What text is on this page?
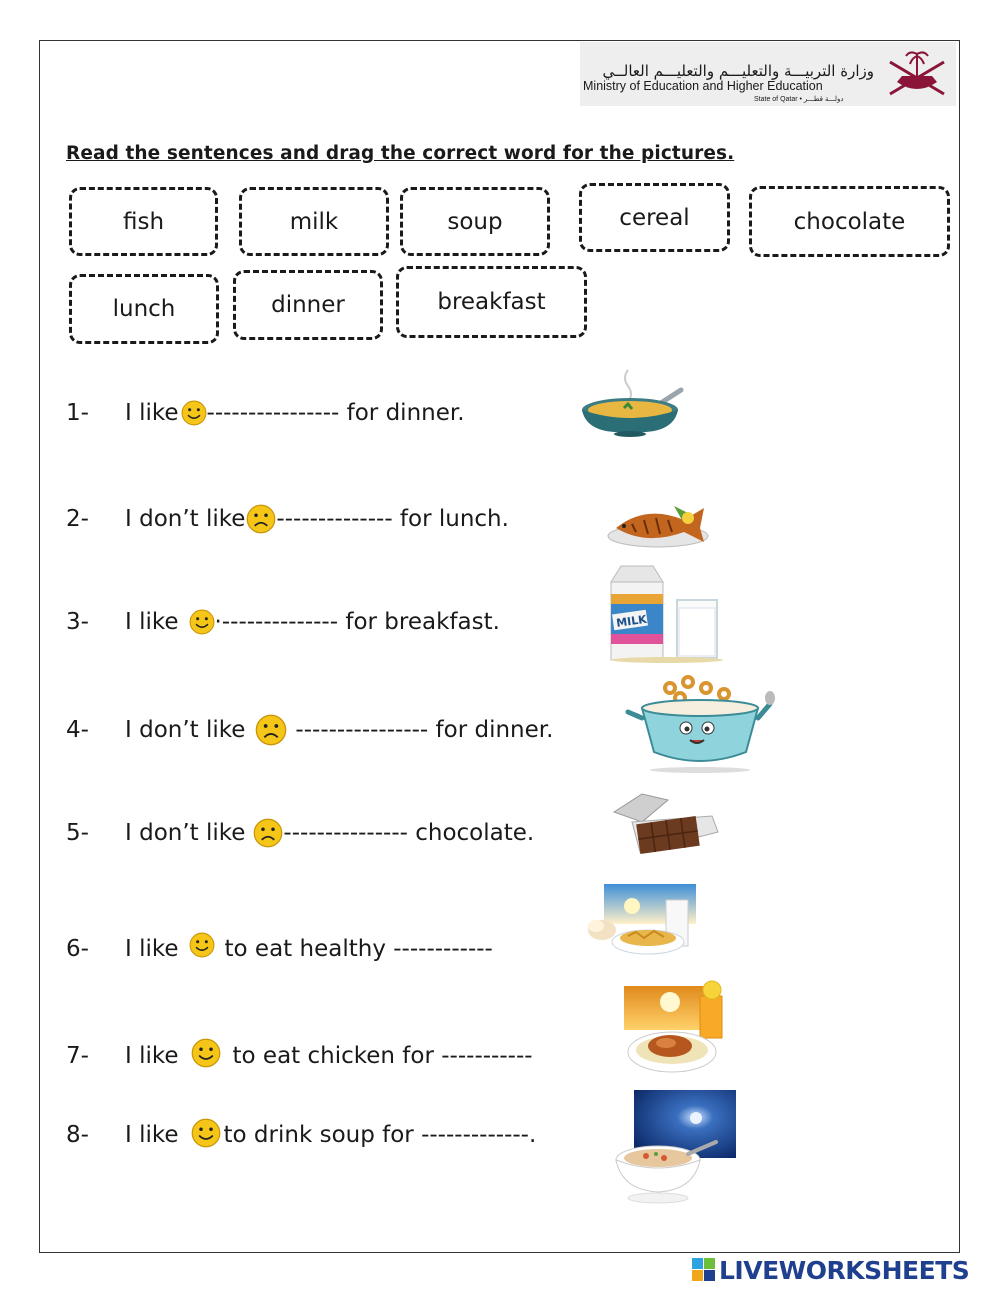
وزارة التربيـــة والتعليـــم والتعليـــم العالــي
Ministry of Education and Higher Education
State of Qatar • دولـــة قطـــر
Read the sentences and drag the correct word for the pictures.
fish	milk	soup	cereal	chocolate
lunch	dinner	breakfast
1-	I like ---------------- for dinner.
2-	I don’t like -------------- for lunch.
3-	I like ·-------------- for breakfast.
4-	I don’t like ---------------- for dinner.
5-	I don’t like --------------- chocolate.
6-	I like to eat healthy ------------
7-	I like to eat chicken for -----------
8-	I like to drink soup for -------------.
MILK
LIVEWORKSHEETS
